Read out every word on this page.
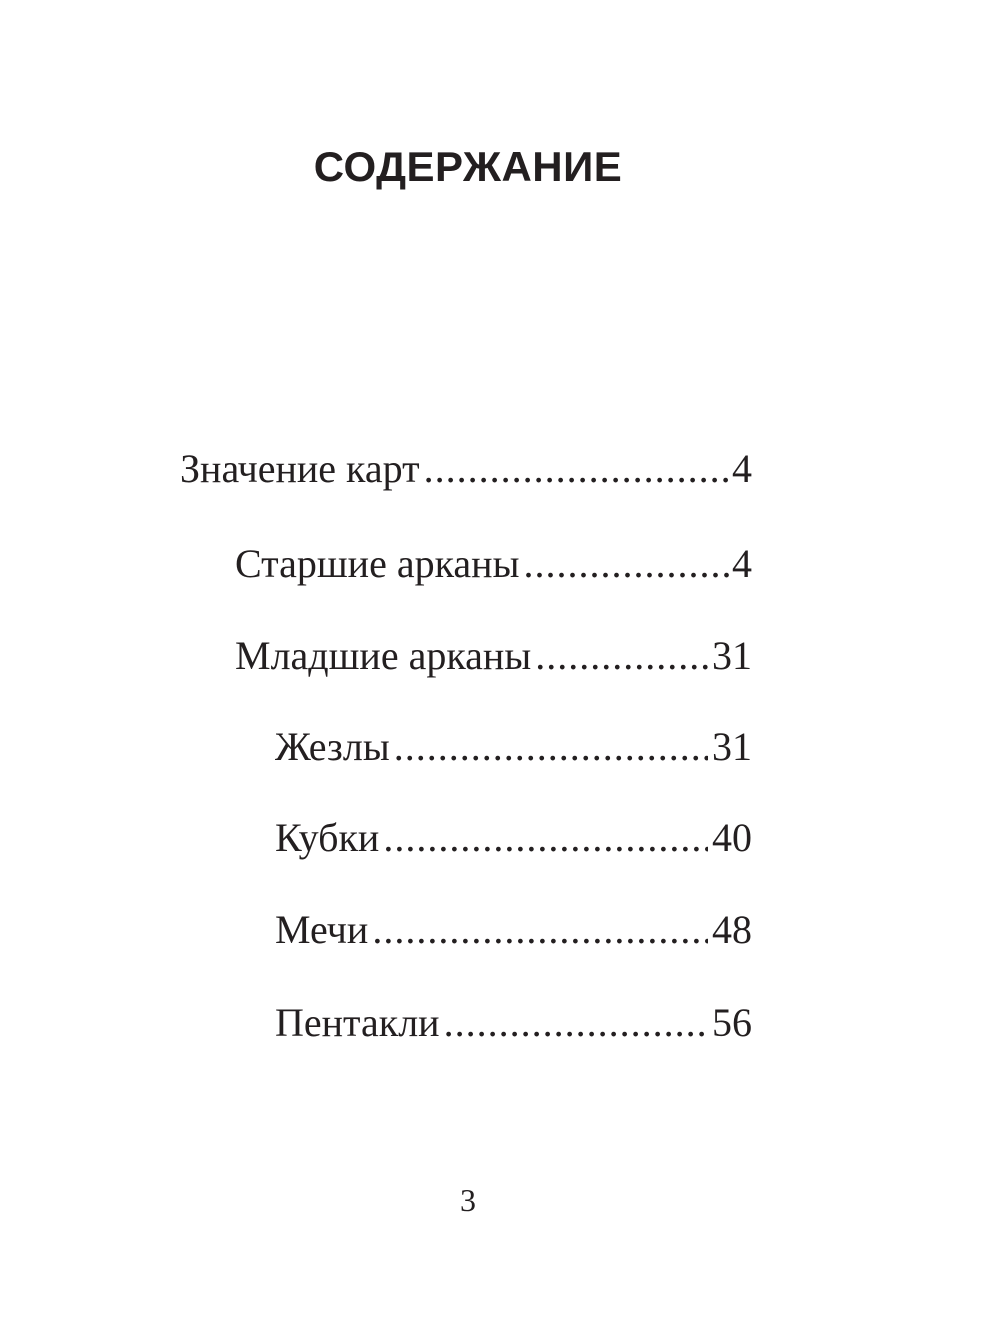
СОДЕРЖАНИЕ
Значение карт .....	4
Старшие арканы .....	4
Младшие арканы .....	31
Жезлы .....	31
Кубки .....	40
Мечи .....	48
Пентакли .....	56
3
